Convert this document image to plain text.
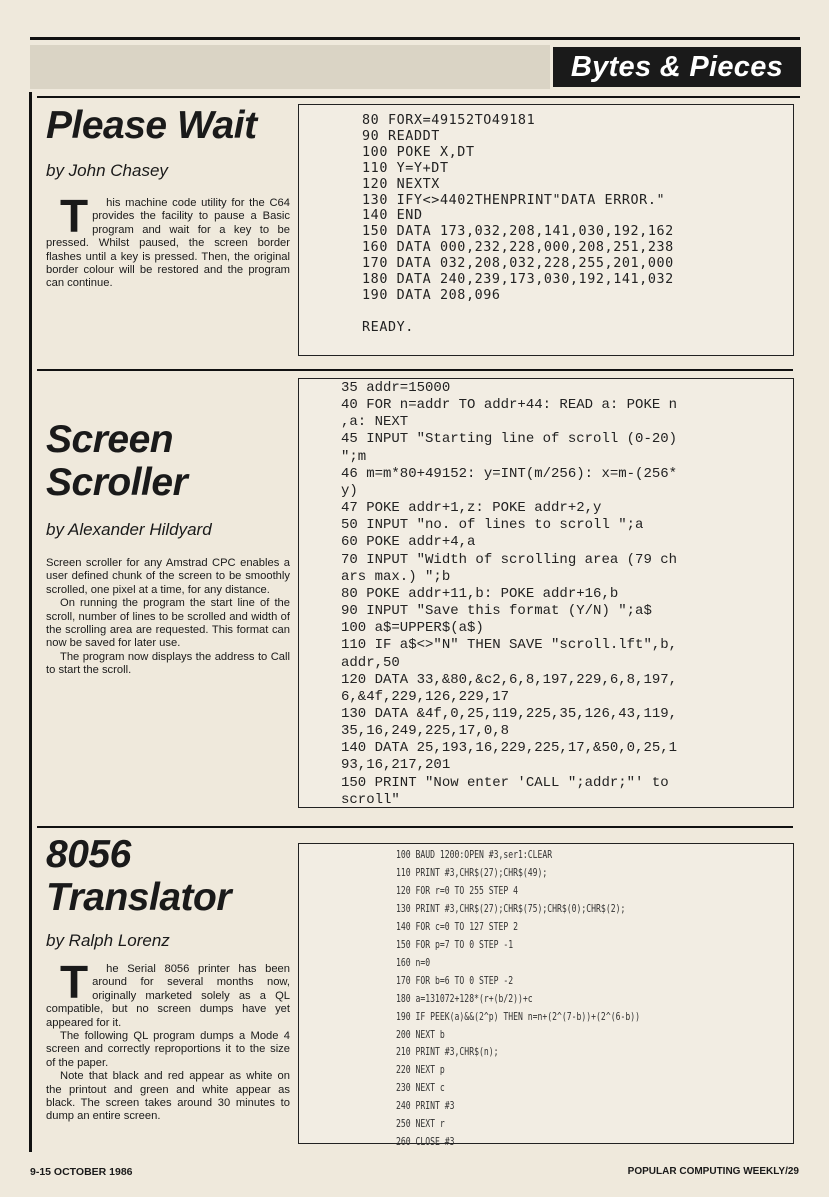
Bytes & Pieces
Please Wait
by John Chasey

T his machine code utility for the C64 provides the facility to pause a Basic program and wait for a key to be pressed. Whilst paused, the screen border flashes until a key is pressed. Then, the original border colour will be restored and the program can continue.

80 FORX=49152TO49181
90 READDT
100 POKE X,DT
110 Y=Y+DT
120 NEXTX
130 IFY<>4402THENPRINT"DATA ERROR."
140 END
150 DATA 173,032,208,141,030,192,162
160 DATA 000,232,228,000,208,251,238
170 DATA 032,208,032,228,255,201,000
180 DATA 240,239,173,030,192,141,032
190 DATA 208,096

READY.
Screen
Scroller
by Alexander Hildyard

Screen scroller for any Amstrad CPC enables a user defined chunk of the screen to be smoothly scrolled, one pixel at a time, for any distance.

On running the program the start line of the scroll, number of lines to be scrolled and width of the scrolling area are requested. This format can now be saved for later use.

The program now displays the address to Call to start the scroll.

35 addr=15000
40 FOR n=addr TO addr+44: READ a: POKE n
,a: NEXT
45 INPUT "Starting line of scroll (0-20)
";m
46 m=m*80+49152: y=INT(m/256): x=m-(256*
y)
47 POKE addr+1,z: POKE addr+2,y
50 INPUT "no. of lines to scroll ";a
60 POKE addr+4,a
70 INPUT "Width of scrolling area (79 ch
ars max.) ";b
80 POKE addr+11,b: POKE addr+16,b
90 INPUT "Save this format (Y/N) ";a$
100 a$=UPPER$(a$)
110 IF a$<>"N" THEN SAVE "scroll.lft",b,
addr,50
120 DATA 33,&80,&c2,6,8,197,229,6,8,197,
6,&4f,229,126,229,17
130 DATA &4f,0,25,119,225,35,126,43,119,
35,16,249,225,17,0,8
140 DATA 25,193,16,229,225,17,&50,0,25,1
93,16,217,201
150 PRINT "Now enter 'CALL ";addr;"' to
scroll"
8056
Translator
by Ralph Lorenz

T he Serial 8056 printer has been around for several months now, originally marketed solely as a QL compatible, but no screen dumps have yet appeared for it.

The following QL program dumps a Mode 4 screen and correctly reproportions it to the size of the paper.

Note that black and red appear as white on the printout and green and white appear as black. The screen takes around 30 minutes to dump an entire screen.

100 BAUD 1200:OPEN #3,ser1:CLEAR
110 PRINT #3,CHR$(27);CHR$(49);
120 FOR r=0 TO 255 STEP 4
130 PRINT #3,CHR$(27);CHR$(75);CHR$(0);CHR$(2);
140 FOR c=0 TO 127 STEP 2
150 FOR p=7 TO 0 STEP -1
160 n=0
170 FOR b=6 TO 0 STEP -2
180 a=131072+128*(r+(b/2))+c
190 IF PEEK(a)&&(2^p) THEN n=n+(2^(7-b))+(2^(6-b))
200 NEXT b
210 PRINT #3,CHR$(n);
220 NEXT p
230 NEXT c
240 PRINT #3
250 NEXT r
260 CLOSE #3
9-15 OCTOBER 1986	POPULAR COMPUTING WEEKLY/29
